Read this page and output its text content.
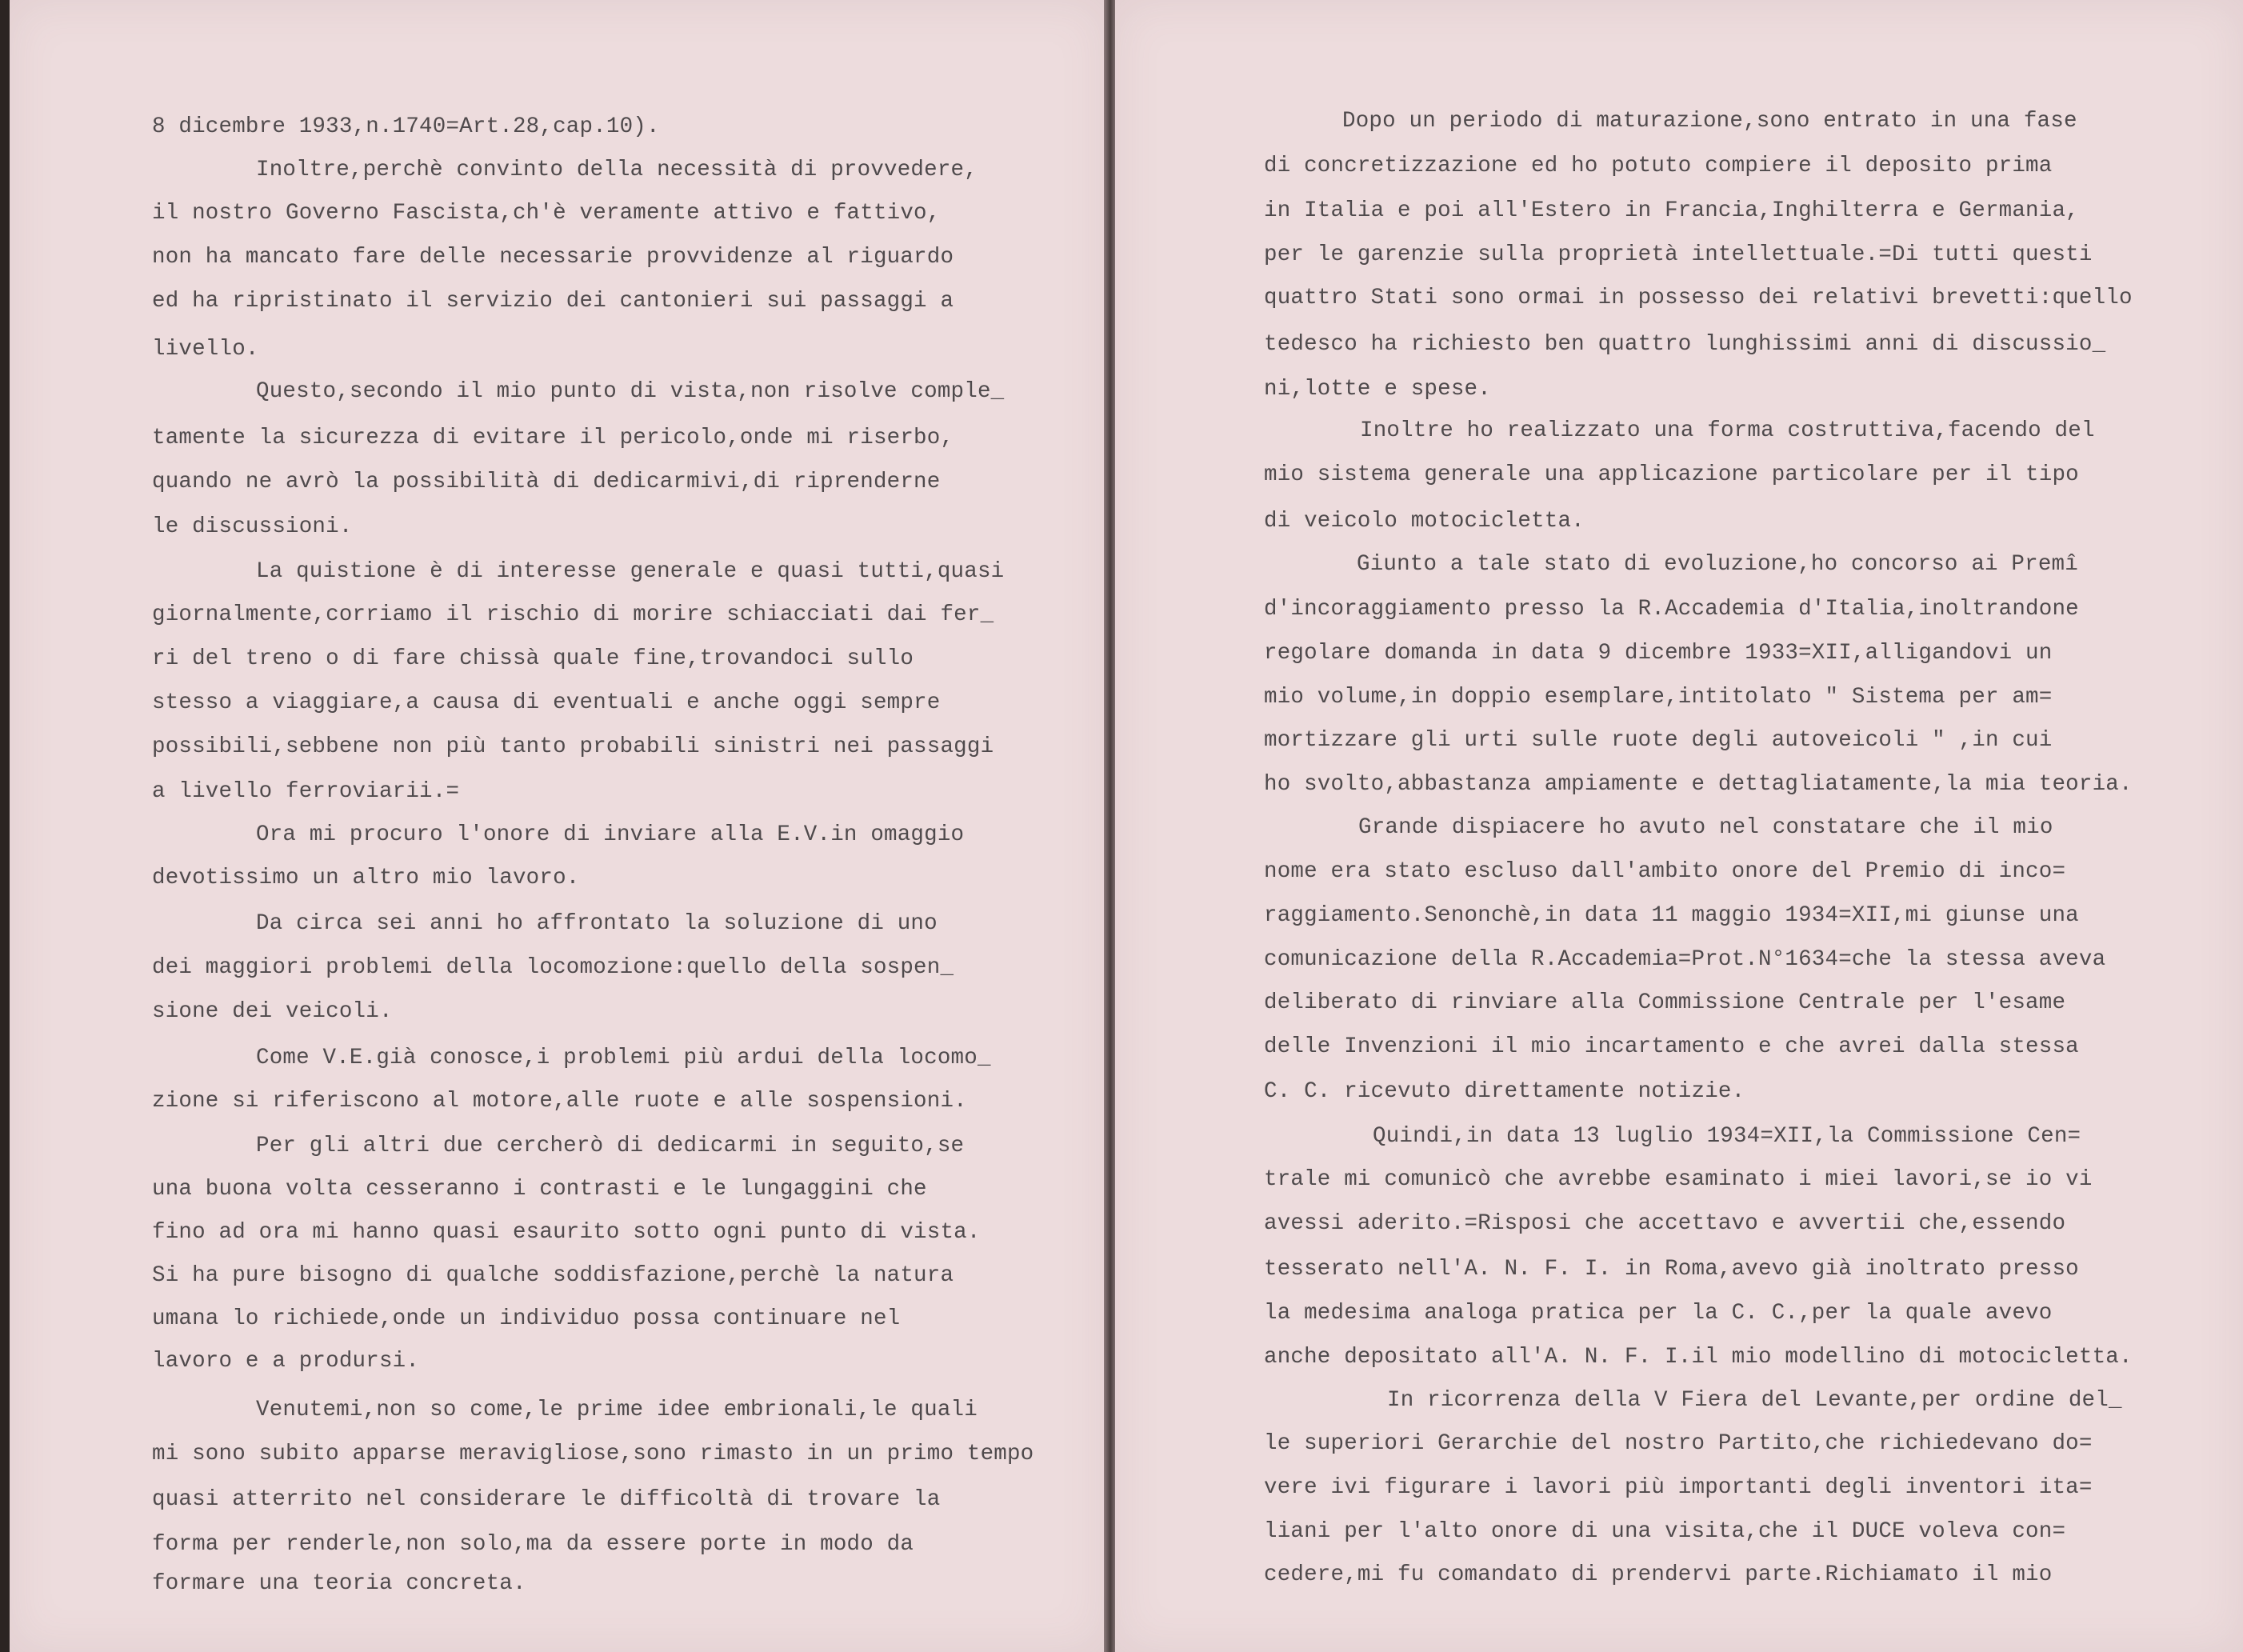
8 dicembre 1933,n.1740=Art.28,cap.10).
Inoltre,perchè convinto della necessità di provvedere,
il nostro Governo Fascista,ch'è veramente attivo e fattivo,
non ha mancato fare delle necessarie provvidenze al riguardo
ed ha ripristinato il servizio dei cantonieri sui passaggi a
livello.
Questo,secondo il mio punto di vista,non risolve comple_
tamente la sicurezza di evitare il pericolo,onde mi riserbo,
quando ne avrò la possibilità di dedicarmivi,di riprenderne
le discussioni.
La quistione è di interesse generale e quasi tutti,quasi
giornalmente,corriamo il rischio di morire schiacciati dai fer_
ri del treno o di fare chissà quale fine,trovandoci sullo
stesso a viaggiare,a causa di eventuali e anche oggi sempre
possibili,sebbene non più tanto probabili sinistri nei passaggi
a livello ferroviarii.=
Ora mi procuro l'onore di inviare alla E.V.in omaggio
devotissimo un altro mio lavoro.
Da circa sei anni ho affrontato la soluzione di uno
dei maggiori problemi della locomozione:quello della sospen_
sione dei veicoli.
Come V.E.già conosce,i problemi più ardui della locomo_
zione si riferiscono al motore,alle ruote e alle sospensioni.
Per gli altri due cercherò di dedicarmi in seguito,se
una buona volta cesseranno i contrasti e le lungaggini che
fino ad ora mi hanno quasi esaurito sotto ogni punto di vista.
Si ha pure bisogno di qualche soddisfazione,perchè la natura
umana lo richiede,onde un individuo possa continuare nel
lavoro e a prodursi.
Venutemi,non so come,le prime idee embrionali,le quali
mi sono subito apparse meravigliose,sono rimasto in un primo tempo
quasi atterrito nel considerare le difficoltà di trovare la
forma per renderle,non solo,ma da essere porte in modo da
formare una teoria concreta.
Dopo un periodo di maturazione,sono entrato in una fase
di concretizzazione ed ho potuto compiere il deposito prima
in Italia e poi all'Estero in Francia,Inghilterra e Germania,
per le garenzie sulla proprietà intellettuale.=Di tutti questi
quattro Stati sono ormai in possesso dei relativi brevetti:quello
tedesco ha richiesto ben quattro lunghissimi anni di discussio_
ni,lotte e spese.
Inoltre ho realizzato una forma costruttiva,facendo del
mio sistema generale una applicazione particolare per il tipo
di veicolo motocicletta.
Giunto a tale stato di evoluzione,ho concorso ai Premî
d'incoraggiamento presso la R.Accademia d'Italia,inoltrandone
regolare domanda in data 9 dicembre 1933=XII,alligandovi un
mio volume,in doppio esemplare,intitolato " Sistema per am=
mortizzare gli urti sulle ruote degli autoveicoli " ,in cui
ho svolto,abbastanza ampiamente e dettagliatamente,la mia teoria.
Grande dispiacere ho avuto nel constatare che il mio
nome era stato escluso dall'ambito onore del Premio di inco=
raggiamento.Senonchè,in data 11 maggio 1934=XII,mi giunse una
comunicazione della R.Accademia=Prot.N°1634=che la stessa aveva
deliberato di rinviare alla Commissione Centrale per l'esame
delle Invenzioni il mio incartamento e che avrei dalla stessa
C. C. ricevuto direttamente notizie.
Quindi,in data 13 luglio 1934=XII,la Commissione Cen=
trale mi comunicò che avrebbe esaminato i miei lavori,se io vi
avessi aderito.=Risposi che accettavo e avvertii che,essendo
tesserato nell'A. N. F. I. in Roma,avevo già inoltrato presso
la medesima analoga pratica per la C. C.,per la quale avevo
anche depositato all'A. N. F. I.il mio modellino di motocicletta.
In ricorrenza della V Fiera del Levante,per ordine del_
le superiori Gerarchie del nostro Partito,che richiedevano do=
vere ivi figurare i lavori più importanti degli inventori ita=
liani per l'alto onore di una visita,che il DUCE voleva con=
cedere,mi fu comandato di prendervi parte.Richiamato il mio
